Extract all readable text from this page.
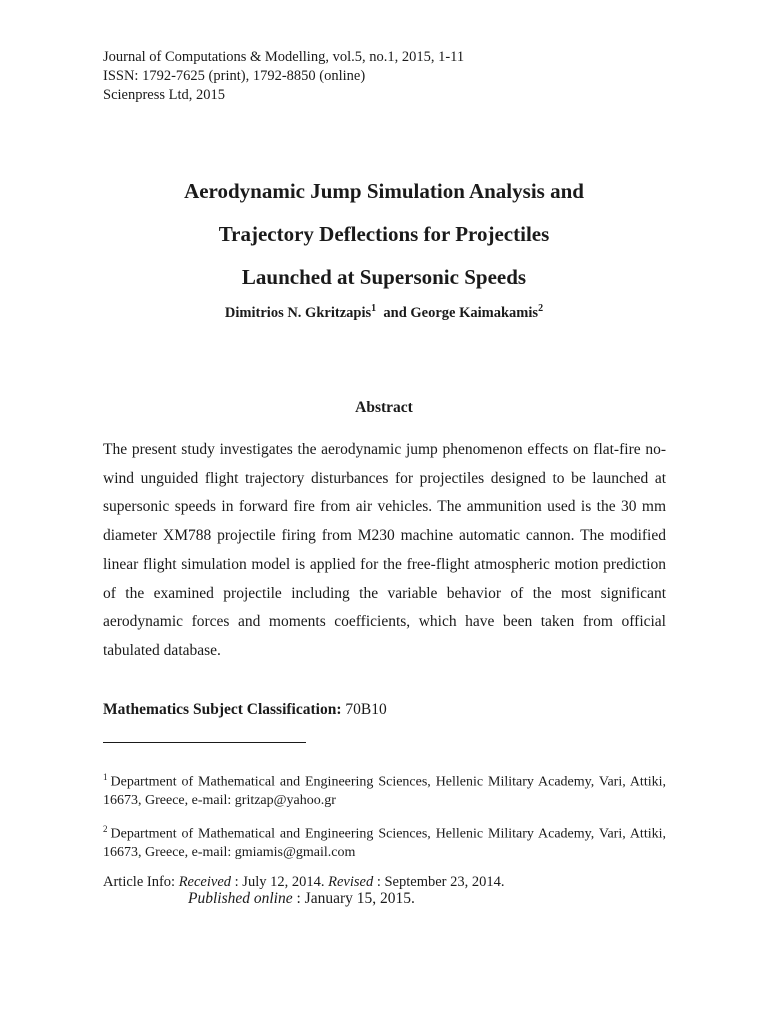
Journal of Computations & Modelling, vol.5, no.1, 2015, 1-11
ISSN: 1792-7625 (print), 1792-8850 (online)
Scienpress Ltd, 2015
Aerodynamic Jump Simulation Analysis and
Trajectory Deflections for Projectiles
Launched at Supersonic Speeds
Dimitrios N. Gkritzapis$^1$ and George Kaimakamis$^2$
Abstract
The present study investigates the aerodynamic jump phenomenon effects on flat-fire no-wind unguided flight trajectory disturbances for projectiles designed to be launched at supersonic speeds in forward fire from air vehicles. The ammunition used is the 30 mm diameter XM788 projectile firing from M230 machine automatic cannon. The modified linear flight simulation model is applied for the free-flight atmospheric motion prediction of the examined projectile including the variable behavior of the most significant aerodynamic forces and moments coefficients, which have been taken from official tabulated database.
Mathematics Subject Classification: 70B10
$^1$ Department of Mathematical and Engineering Sciences, Hellenic Military Academy, Vari, Attiki, 16673, Greece, e-mail: gritzap@yahoo.gr
$^2$ Department of Mathematical and Engineering Sciences, Hellenic Military Academy, Vari, Attiki, 16673, Greece, e-mail: gmiamis@gmail.com
Article Info: Received : July 12, 2014. Revised : September 23, 2014.
Published online : January 15, 2015.
